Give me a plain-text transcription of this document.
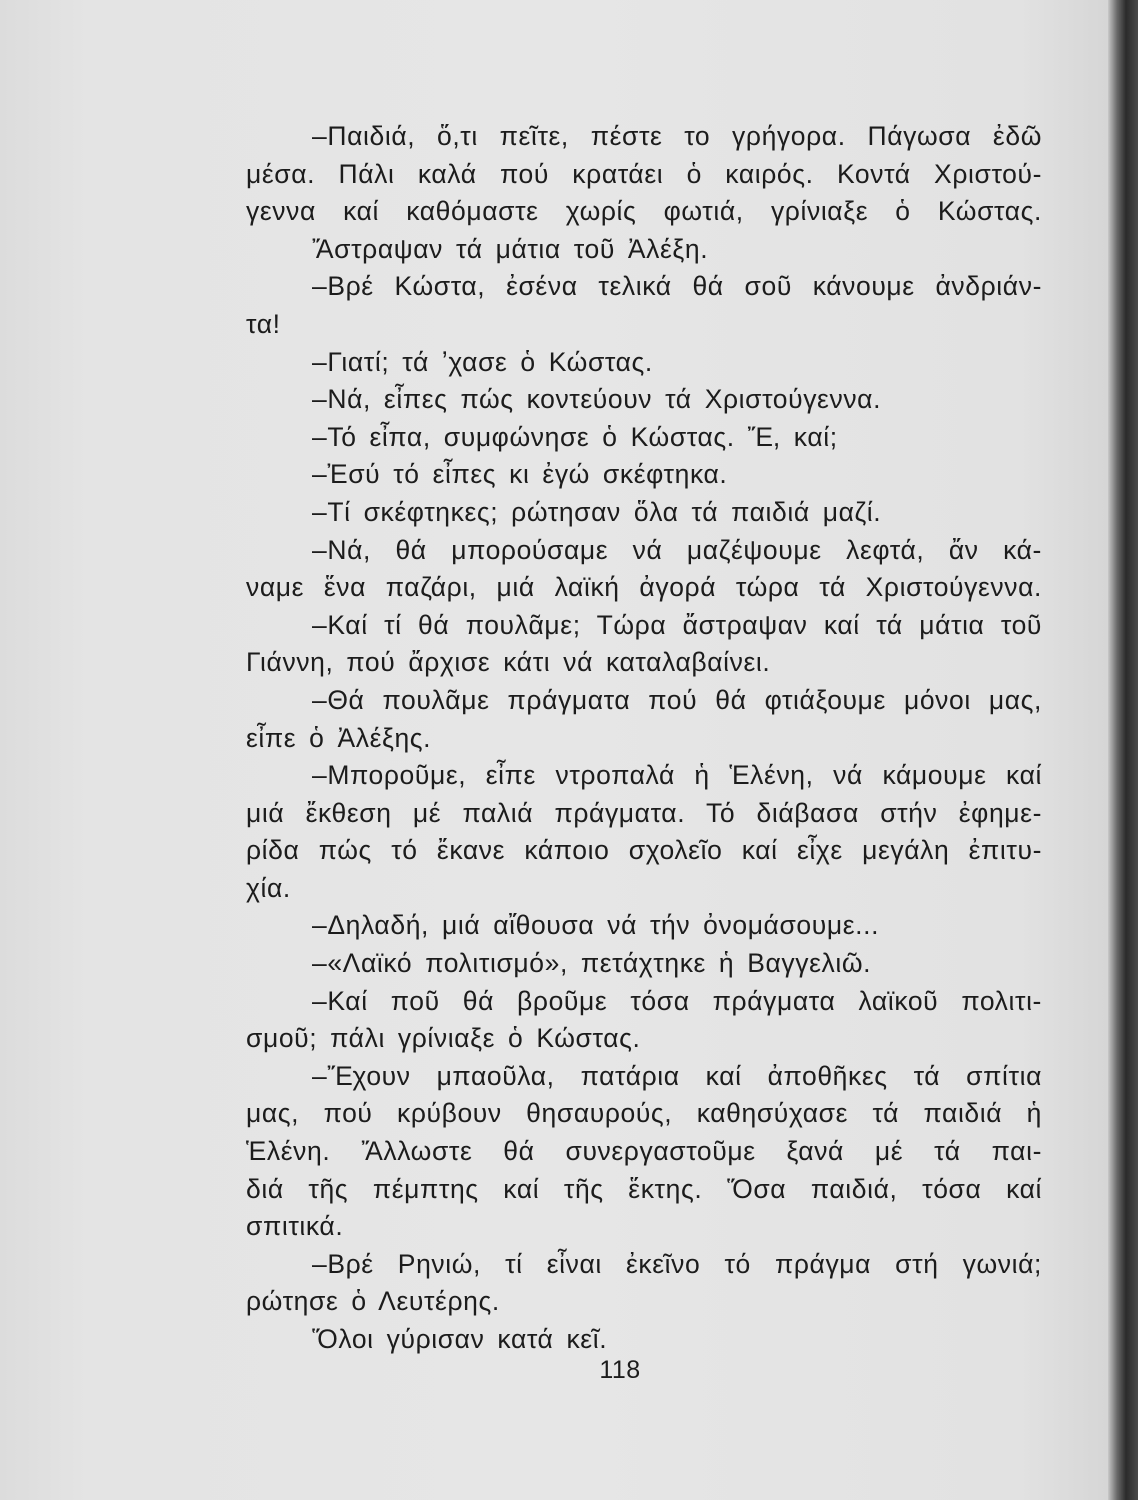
–Παιδιά, ὅ,τι πεῖτε, πέστε το γρήγορα. Πάγωσα ἐδῶ
μέσα. Πάλι καλά πού κρατάει ὁ καιρός. Κοντά Χριστού-
γεννα καί καθόμαστε χωρίς φωτιά, γρίνιαξε ὁ Κώστας.
Ἄστραψαν τά μάτια τοῦ Ἀλέξη.
–Βρέ Κώστα, ἐσένα τελικά θά σοῦ κάνουμε ἀνδριάν-
τα!
–Γιατί; τά ʼχασε ὁ Κώστας.
–Νά, εἶπες πώς κοντεύουν τά Χριστούγεννα.
–Τό εἶπα, συμφώνησε ὁ Κώστας. Ἔ, καί;
–Ἐσύ τό εἶπες κι ἐγώ σκέφτηκα.
–Τί σκέφτηκες; ρώτησαν ὅλα τά παιδιά μαζί.
–Νά, θά μπορούσαμε νά μαζέψουμε λεφτά, ἄν κά-
ναμε ἕνα παζάρι, μιά λαϊκή ἀγορά τώρα τά Χριστούγεννα.
–Καί τί θά πουλᾶμε; Τώρα ἄστραψαν καί τά μάτια τοῦ
Γιάννη, πού ἄρχισε κάτι νά καταλαβαίνει.
–Θά πουλᾶμε πράγματα πού θά φτιάξουμε μόνοι μας,
εἶπε ὁ Ἀλέξης.
–Μποροῦμε, εἶπε ντροπαλά ἡ Ἑλένη, νά κάμουμε καί
μιά ἔκθεση μέ παλιά πράγματα. Τό διάβασα στήν ἐφημε-
ρίδα πώς τό ἔκανε κάποιο σχολεῖο καί εἶχε μεγάλη ἐπιτυ-
χία.
–Δηλαδή, μιά αἴθουσα νά τήν ὀνομάσουμε...
–«Λαϊκό πολιτισμό», πετάχτηκε ἡ Βαγγελιῶ.
–Καί ποῦ θά βροῦμε τόσα πράγματα λαϊκοῦ πολιτι-
σμοῦ; πάλι γρίνιαξε ὁ Κώστας.
–Ἔχουν μπαοῦλα, πατάρια καί ἀποθῆκες τά σπίτια
μας, πού κρύβουν θησαυρούς, καθησύχασε τά παιδιά ἡ
Ἑλένη. Ἄλλωστε θά συνεργαστοῦμε ξανά μέ τά παι-
διά τῆς πέμπτης καί τῆς ἕκτης. Ὅσα παιδιά, τόσα καί
σπιτικά.
–Βρέ Ρηνιώ, τί εἶναι ἐκεῖνο τό πράγμα στή γωνιά;
ρώτησε ὁ Λευτέρης.
Ὅλοι γύρισαν κατά κεῖ.
118
